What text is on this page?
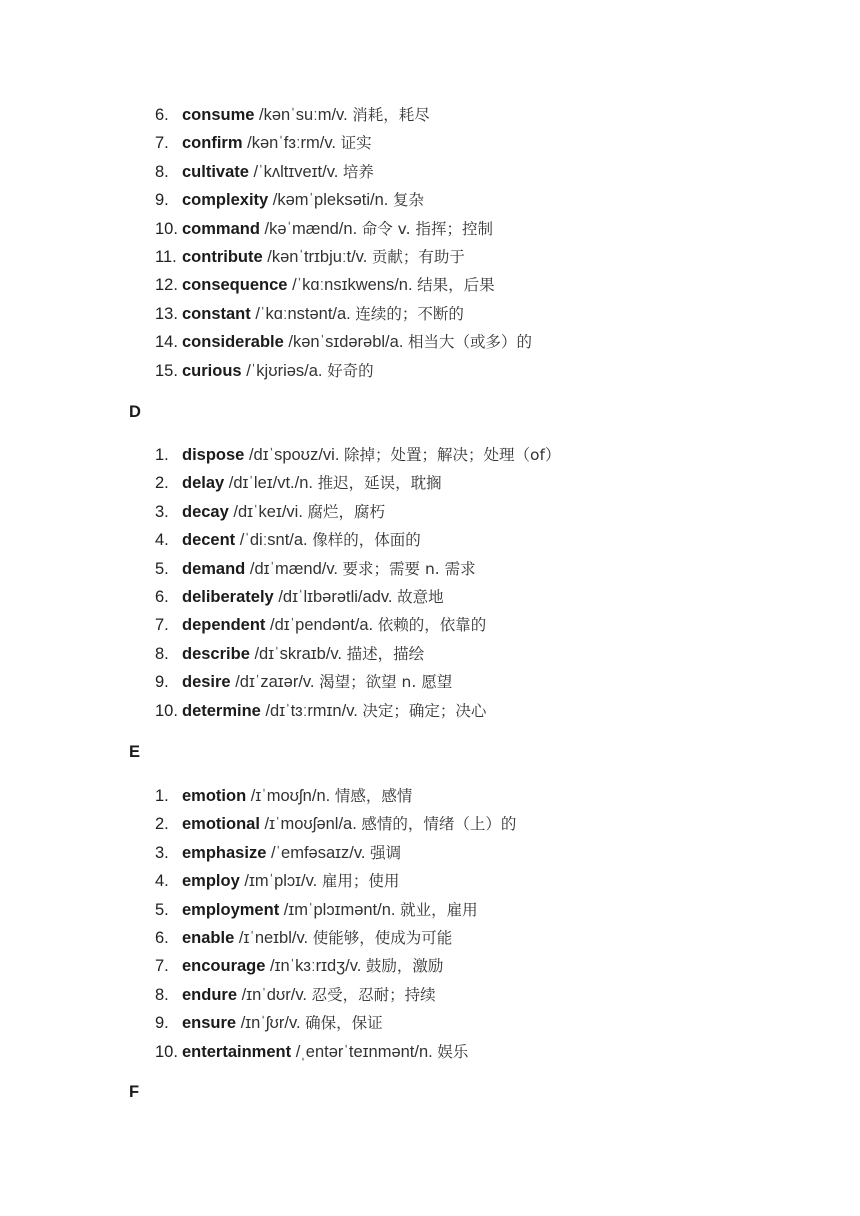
6. consume /kənˈsuːm/v. 消耗，耗尽
7. confirm /kənˈfɜːrm/v. 证实
8. cultivate /ˈkʌltɪveɪt/v. 培养
9. complexity /kəmˈpleksəti/n. 复杂
10. command /kəˈmænd/n. 命令 v. 指挥；控制
11. contribute /kənˈtrɪbjuːt/v. 贡献；有助于
12. consequence /ˈkɑːnsɪkwens/n. 结果，后果
13. constant /ˈkɑːnstənt/a. 连续的；不断的
14. considerable /kənˈsɪdərəbl/a. 相当大（或多）的
15. curious /ˈkjʊriəs/a. 好奇的
D
1. dispose /dɪˈspoʊz/vi. 除掉；处置；解决；处理（of）
2. delay /dɪˈleɪ/vt./n. 推迟，延误，耽搁
3. decay /dɪˈkeɪ/vi. 腐烂，腐朽
4. decent /ˈdiːsnt/a. 像样的，体面的
5. demand /dɪˈmænd/v. 要求；需要 n. 需求
6. deliberately /dɪˈlɪbərətli/adv. 故意地
7. dependent /dɪˈpendənt/a. 依赖的，依靠的
8. describe /dɪˈskraɪb/v. 描述，描绘
9. desire /dɪˈzaɪər/v. 渴望；欲望 n. 愿望
10. determine /dɪˈtɜːrmɪn/v. 决定；确定；决心
E
1. emotion /ɪˈmoʊʃn/n. 情感，感情
2. emotional /ɪˈmoʊʃənl/a. 感情的，情绪（上）的
3. emphasize /ˈemfəsaɪz/v. 强调
4. employ /ɪmˈplɔɪ/v. 雇用；使用
5. employment /ɪmˈplɔɪmənt/n. 就业，雇用
6. enable /ɪˈneɪbl/v. 使能够，使成为可能
7. encourage /ɪnˈkɜːrɪdʒ/v. 鼓励，激励
8. endure /ɪnˈdʊr/v. 忍受，忍耐；持续
9. ensure /ɪnˈʃʊr/v. 确保，保证
10. entertainment /ˌentərˈteɪnmənt/n. 娱乐
F
